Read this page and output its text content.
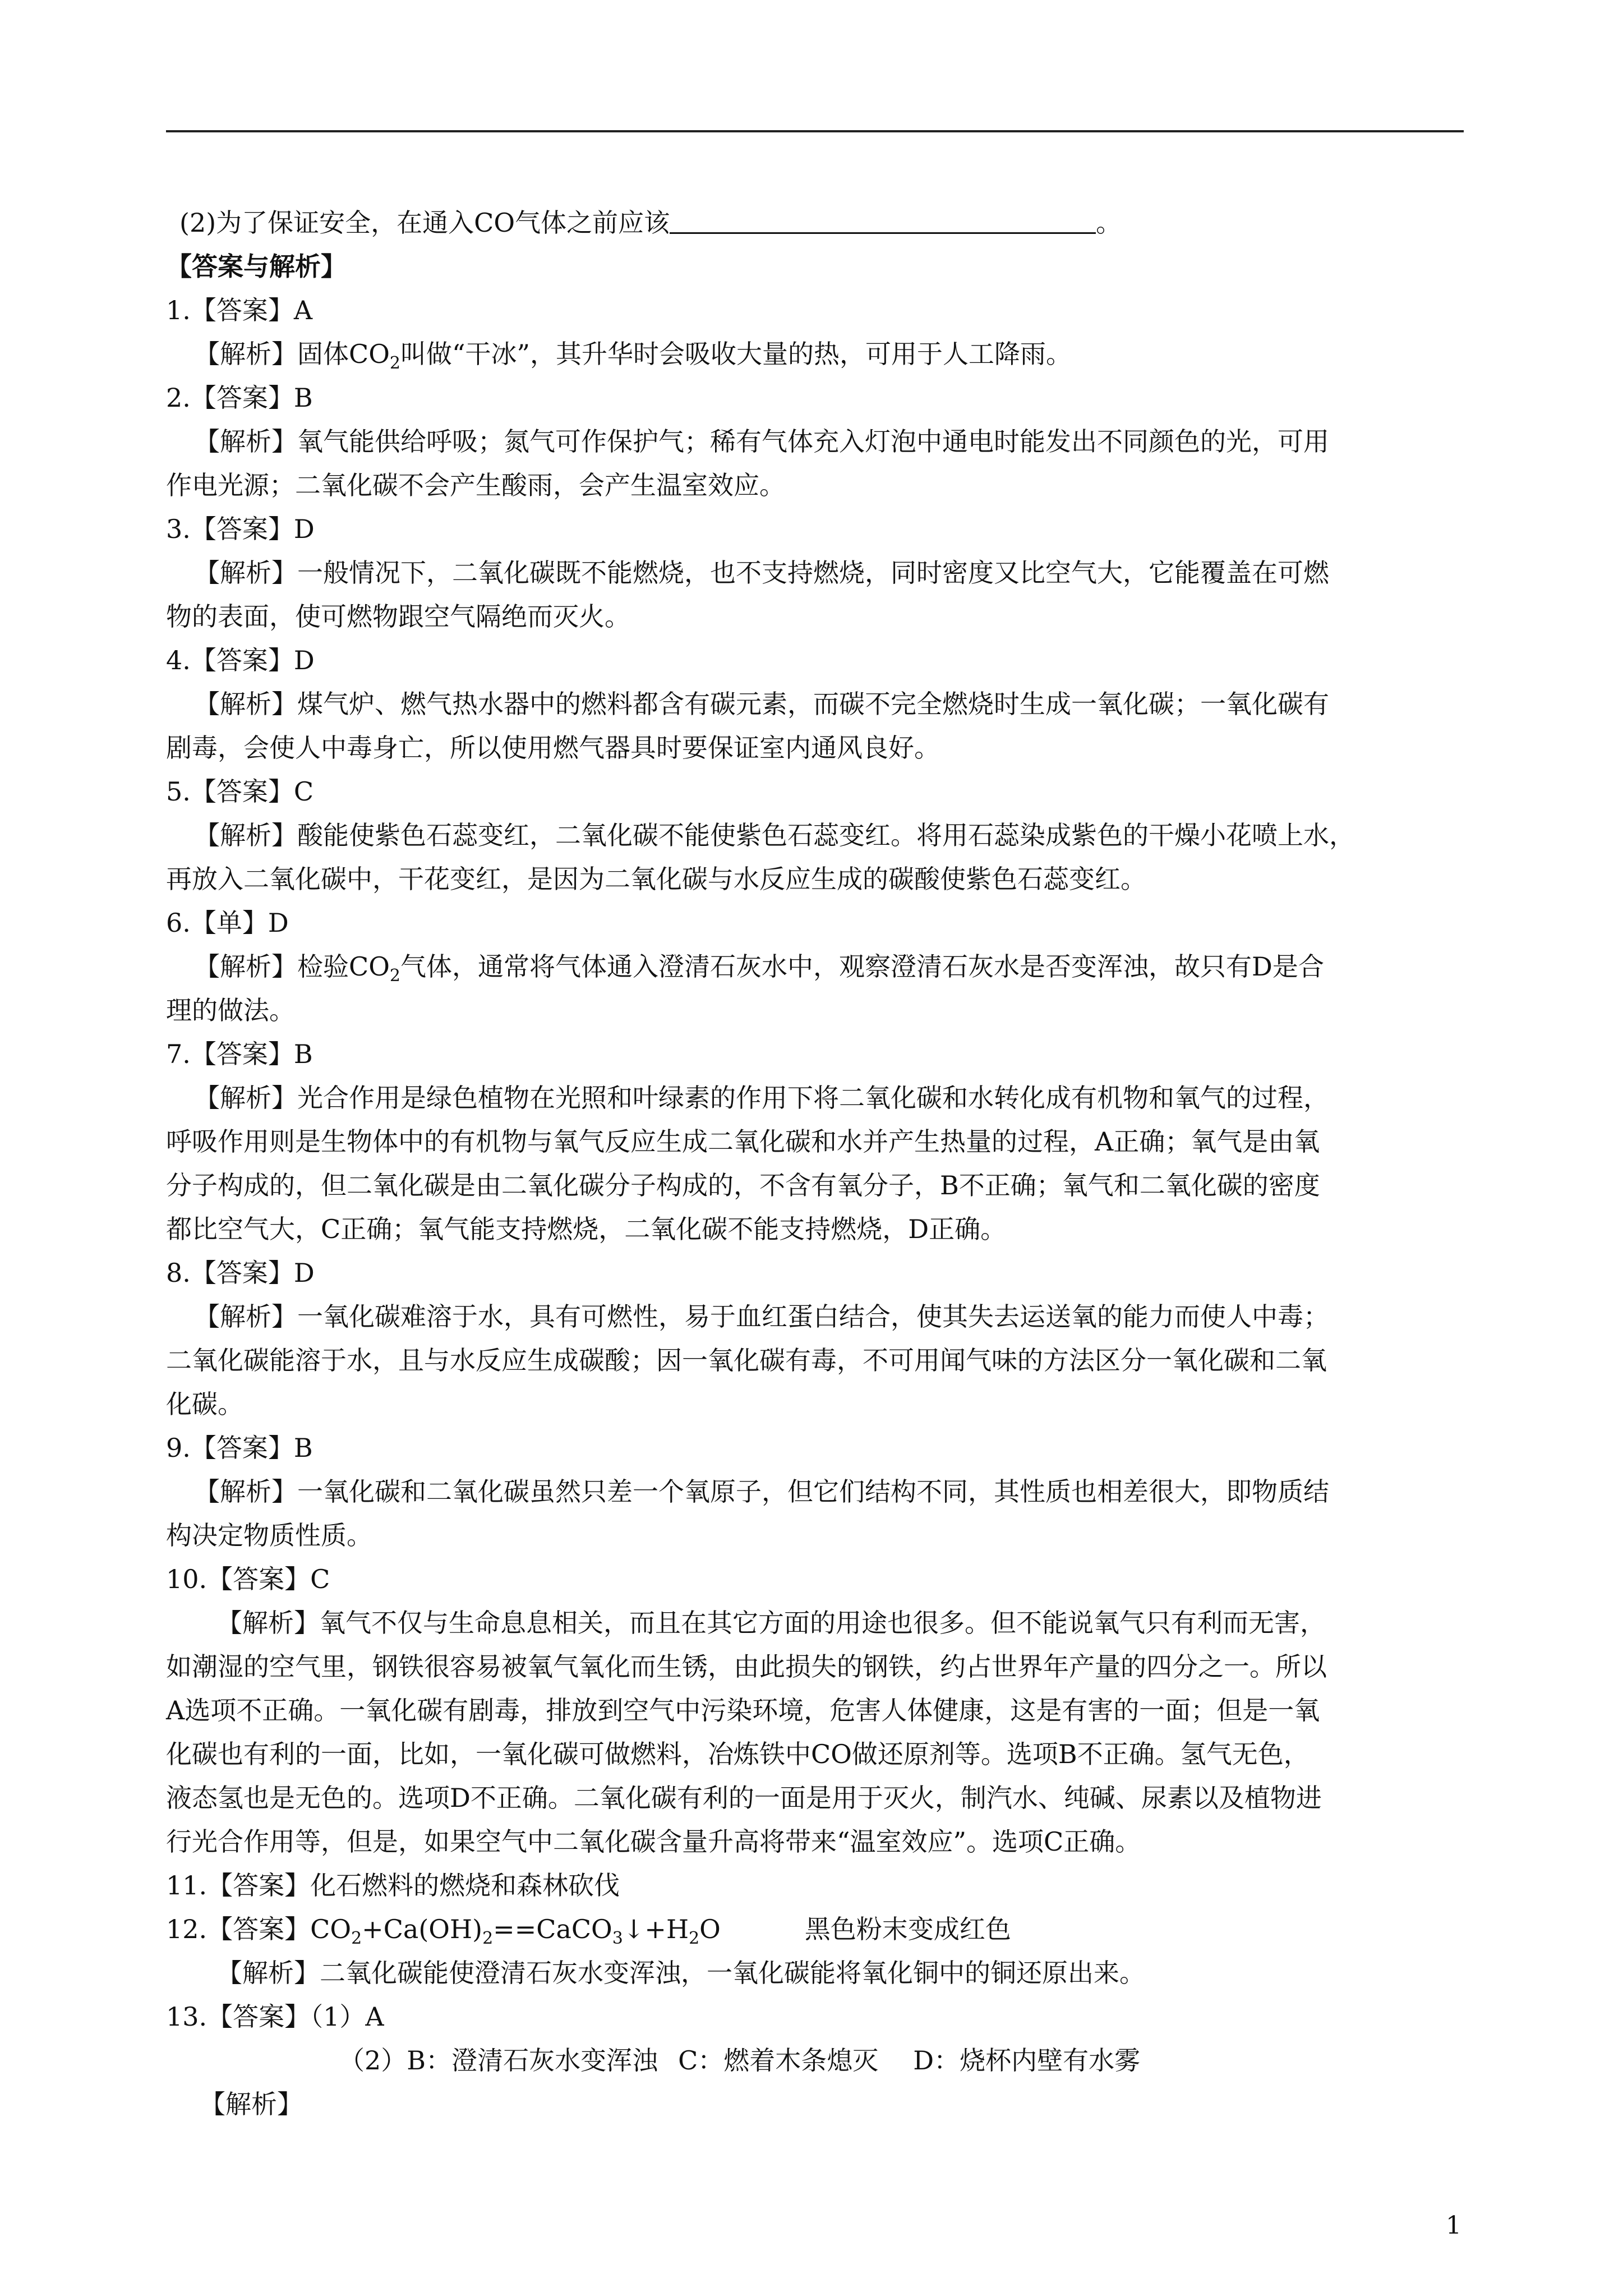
(2)为了保证安全，在通入CO气体之前应该	。
【答案与解析】
1.【答案】A
【解析】固体$CO_2$叫做“干冰”，其升华时会吸收大量的热，可用于人工降雨。
2.【答案】B
【解析】氧气能供给呼吸；氮气可作保护气；稀有气体充入灯泡中通电时能发出不同颜色的光，可用
作电光源；二氧化碳不会产生酸雨，会产生温室效应。
3.【答案】D
【解析】一般情况下，二氧化碳既不能燃烧，也不支持燃烧，同时密度又比空气大，它能覆盖在可燃
物的表面，使可燃物跟空气隔绝而灭火。
4.【答案】D
【解析】煤气炉、燃气热水器中的燃料都含有碳元素，而碳不完全燃烧时生成一氧化碳；一氧化碳有
剧毒，会使人中毒身亡，所以使用燃气器具时要保证室内通风良好。
5.【答案】C
【解析】酸能使紫色石蕊变红，二氧化碳不能使紫色石蕊变红。将用石蕊染成紫色的干燥小花喷上水，
再放入二氧化碳中，干花变红，是因为二氧化碳与水反应生成的碳酸使紫色石蕊变红。
6.【单】D
【解析】检验$CO_2$气体，通常将气体通入澄清石灰水中，观察澄清石灰水是否变浑浊，故只有D是合
理的做法。
7.【答案】B
【解析】光合作用是绿色植物在光照和叶绿素的作用下将二氧化碳和水转化成有机物和氧气的过程，
呼吸作用则是生物体中的有机物与氧气反应生成二氧化碳和水并产生热量的过程，A正确；氧气是由氧
分子构成的，但二氧化碳是由二氧化碳分子构成的，不含有氧分子，B不正确；氧气和二氧化碳的密度
都比空气大，C正确；氧气能支持燃烧，二氧化碳不能支持燃烧，D正确。
8.【答案】D
【解析】一氧化碳难溶于水，具有可燃性，易于血红蛋白结合，使其失去运送氧的能力而使人中毒；
二氧化碳能溶于水，且与水反应生成碳酸；因一氧化碳有毒，不可用闻气味的方法区分一氧化碳和二氧
化碳。
9.【答案】B
【解析】一氧化碳和二氧化碳虽然只差一个氧原子，但它们结构不同，其性质也相差很大，即物质结
构决定物质性质。
10.【答案】C
【解析】氧气不仅与生命息息相关，而且在其它方面的用途也很多。但不能说氧气只有利而无害，
如潮湿的空气里，钢铁很容易被氧气氧化而生锈，由此损失的钢铁，约占世界年产量的四分之一。所以
A选项不正确。一氧化碳有剧毒，排放到空气中污染环境，危害人体健康，这是有害的一面；但是一氧
化碳也有利的一面，比如，一氧化碳可做燃料，冶炼铁中CO做还原剂等。选项B不正确。氢气无色，
液态氢也是无色的。选项D不正确。二氧化碳有利的一面是用于灭火，制汽水、纯碱、尿素以及植物进
行光合作用等，但是，如果空气中二氧化碳含量升高将带来“温室效应”。选项C正确。
11.【答案】化石燃料的燃烧和森林砍伐
12.【答案】$CO_2+Ca(OH)_2==CaCO_3↓+H_2O$	黑色粉末变成红色
【解析】二氧化碳能使澄清石灰水变浑浊，一氧化碳能将氧化铜中的铜还原出来。
13.【答案】（1）A
（2）B：澄清石灰水变浑浊 C：燃着木条熄灭 D：烧杯内壁有水雾
【解析】
1
